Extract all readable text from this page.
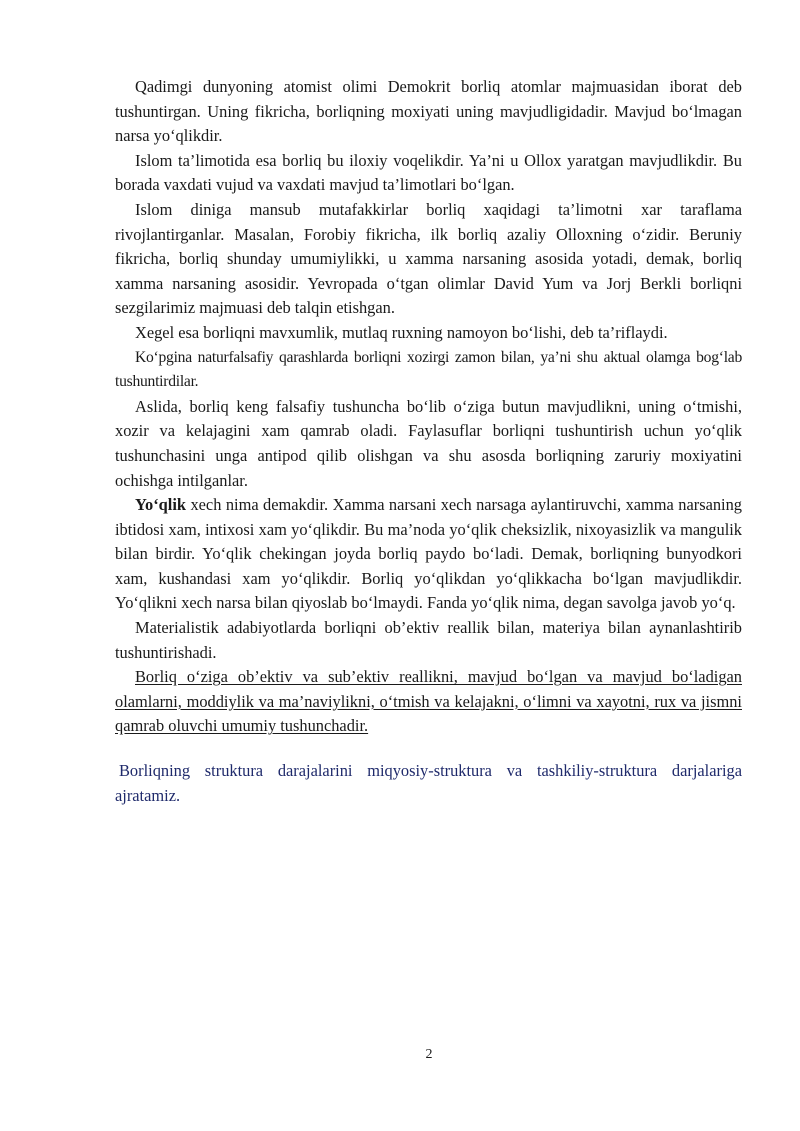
Qadimgi dunyoning atomist olimi Demokrit borliq atomlar majmuasidan iborat deb tushuntirgan. Uning fikricha, borliqning moxiyati uning mavjudligidadir. Mavjud bo‘lmagan narsa yo‘qlikdir.

Islom ta’limotida esa borliq bu iloxiy voqelikdir. Ya’ni u Ollox yaratgan mavjudlikdir. Bu borada vaxdati vujud va vaxdati mavjud ta’limotlari bo‘lgan.

Islom diniga mansub mutafakkirlar borliq xaqidagi ta’limotni xar taraflama rivojlantirganlar. Masalan, Forobiy fikricha, ilk borliq azaliy Olloxning o‘zidir. Beruniy fikricha, borliq shunday umumiylikki, u xamma narsaning asosida yotadi, demak, borliq xamma narsaning asosidir. Yevropada o‘tgan olimlar David Yum va Jorj Berkli borliqni sezgilarimiz majmuasi deb talqin etishgan.

Xegel esa borliqni mavxumlik, mutlaq ruxning namoyon bo‘lishi, deb ta’riflaydi.

Ko‘pgina naturfalsafiy qarashlarda borliqni xozirgi zamon bilan, ya’ni shu aktual olamga bog‘lab tushuntirdilar.

Aslida, borliq keng falsafiy tushuncha bo‘lib o‘ziga butun mavjudlikni, uning o‘tmishi, xozir va kelajagini xam qamrab oladi. Faylasuflar borliqni tushuntirish uchun yo‘qlik tushunchasini unga antipod qilib olishgan va shu asosda borliqning zaruriy moxiyatini ochishga intilganlar.

Yo‘qlik xech nima demakdir. Xamma narsani xech narsaga aylantiruvchi, xamma narsaning ibtidosi xam, intixosi xam yo‘qlikdir. Bu ma’noda yo‘qlik cheksizlik, nixoyasizlik va mangulik bilan birdir. Yo‘qlik chekingan joyda borliq paydo bo‘ladi. Demak, borliqning bunyodkori xam, kushandasi xam yo‘qlikdir. Borliq yo‘qlikdan yo‘qlikkacha bo‘lgan mavjudlikdir. Yo‘qlikni xech narsa bilan qiyoslab bo‘lmaydi. Fanda yo‘qlik nima, degan savolga javob yo‘q.

Materialistik adabiyotlarda borliqni ob’ektiv reallik bilan, materiya bilan aynanlashtirib tushuntirishadi.

Borliq o‘ziga ob’ektiv va sub’ektiv reallikni, mavjud bo‘lgan va mavjud bo‘ladigan olamlarni, moddiylik va ma’naviylikni, o‘tmish va kelajakni, o‘limni va xayotni, rux va jismni qamrab oluvchi umumiy tushunchadir.

Borliqning struktura darajalarini miqyosiy-struktura va tashkiliy-struktura darjalariga ajratamiz.

2
